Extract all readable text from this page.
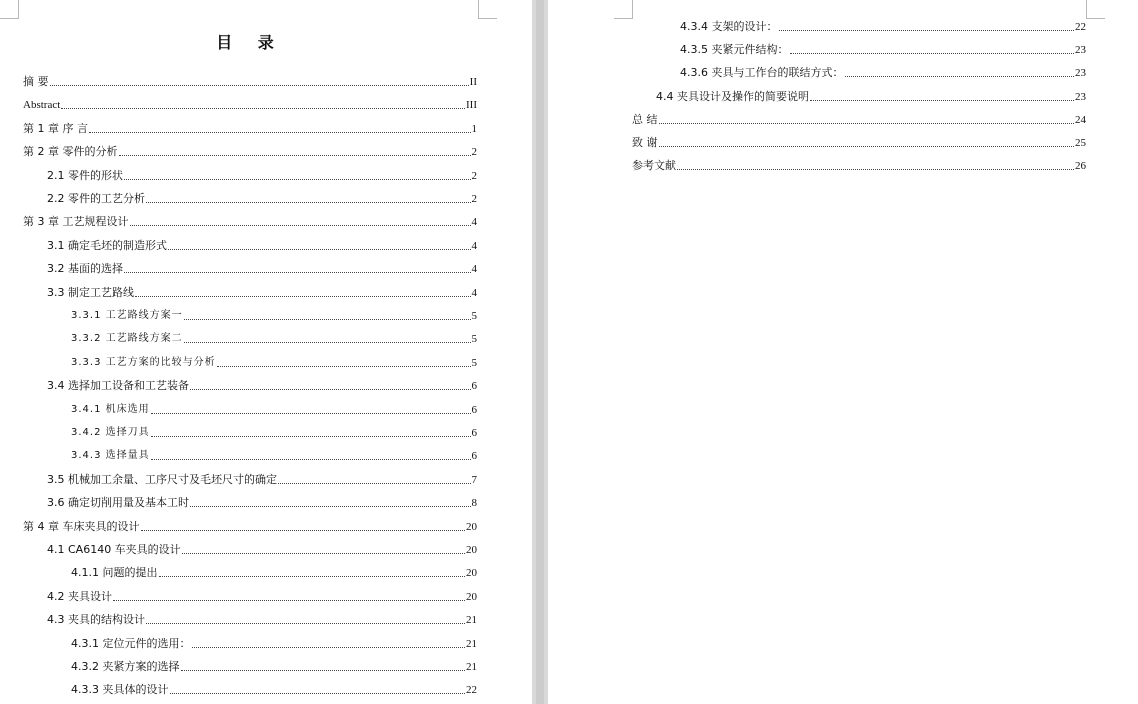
目 录
摘 要	II
Abstract	III
第 1 章 序 言	1
第 2 章 零件的分析	2
2.1 零件的形状	2
2.2 零件的工艺分析	2
第 3 章 工艺规程设计	4
3.1 确定毛坯的制造形式	4
3.2 基面的选择	4
3.3 制定工艺路线	4
3.3.1 工艺路线方案一	5
3.3.2 工艺路线方案二	5
3.3.3 工艺方案的比较与分析	5
3.4 选择加工设备和工艺装备	6
3.4.1 机床选用	6
3.4.2 选择刀具	6
3.4.3 选择量具	6
3.5 机械加工余量、工序尺寸及毛坯尺寸的确定	7
3.6 确定切削用量及基本工时	8
第 4 章 车床夹具的设计	20
4.1 CA6140 车夹具的设计	20
4.1.1 问题的提出	20
4.2 夹具设计	20
4.3 夹具的结构设计	21
4.3.1 定位元件的选用：	21
4.3.2 夹紧方案的选择	21
4.3.3 夹具体的设计	22
4.3.4 支架的设计：	22
4.3.5 夹紧元件结构：	23
4.3.6 夹具与工作台的联结方式：	23
4.4 夹具设计及操作的简要说明	23
总 结	24
致 谢	25
参考文献	26
